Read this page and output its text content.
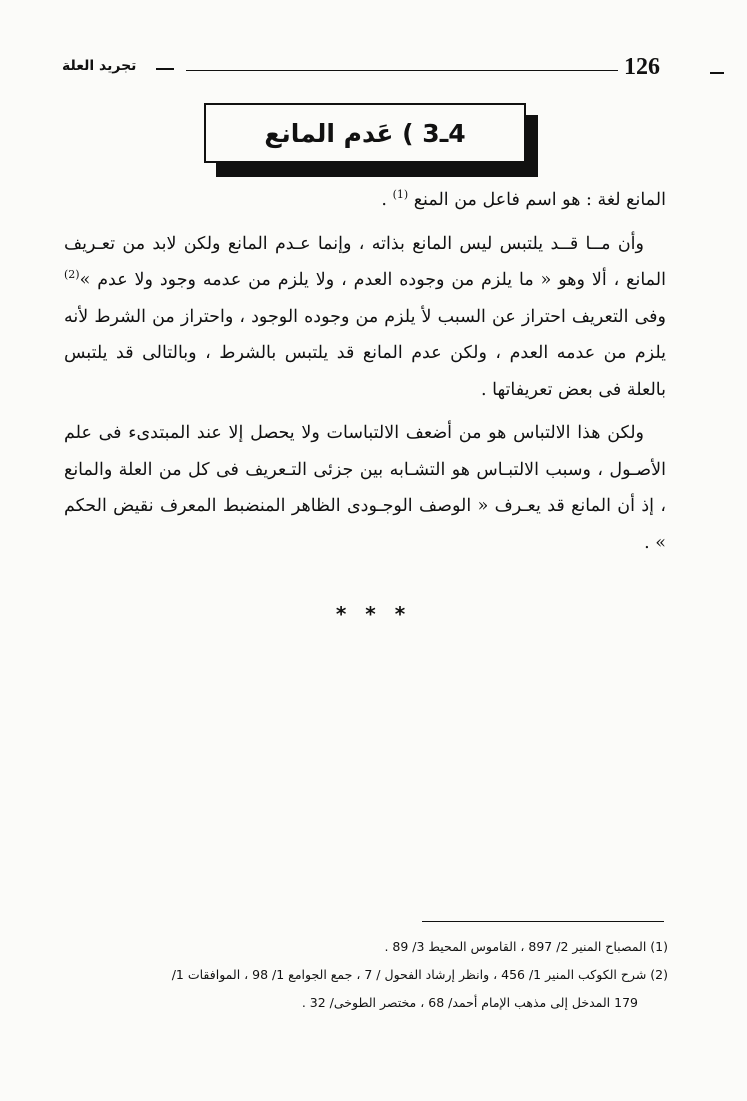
تجريد العلة	126
4ـ3 ) عَدم المانع

المانع لغة : هو اسم فاعل من المنع $^{(1)}$ .

وأن مــا قــد يلتبس ليس المانع بذاته ، وإنما عـدم المانع ولكن لابد من تعـريف المانع ، ألا وهو « ما يلزم من وجوده العدم ، ولا يلزم من عدمه وجود ولا عدم »$^{(2)}$ وفى التعريف احتراز عن السبب لأ يلزم من وجوده الوجود ، واحتراز من الشرط لأنه يلزم من عدمه العدم ، ولكن عدم المانع قد يلتبس بالشرط ، وبالتالى قد يلتبس بالعلة فى بعض تعريفاتها .

ولكن هذا الالتباس هو من أضعف الالتباسات ولا يحصل إلا عند المبتدىء فى علم الأصـول ، وسبب الالتبـاس هو التشـابه بين جزئى التـعريف فى كل من العلة والمانع ، إذ أن المانع قد يعـرف « الوصف الوجـودى الظاهر المنضبط المعرف نقيض الحكم » .

* * *

(1) المصباح المنير 2/ 897 ، القاموس المحيط 3/ 89 .

(2) شرح الكوكب المنير 1/ 456 ، وانظر إرشاد الفحول / 7 ، جمع الجوامع 1/ 98 ، الموافقات 1/

179 المدخل إلى مذهب الإمام أحمد/ 68 ، مختصر الطوخى/ 32 .
